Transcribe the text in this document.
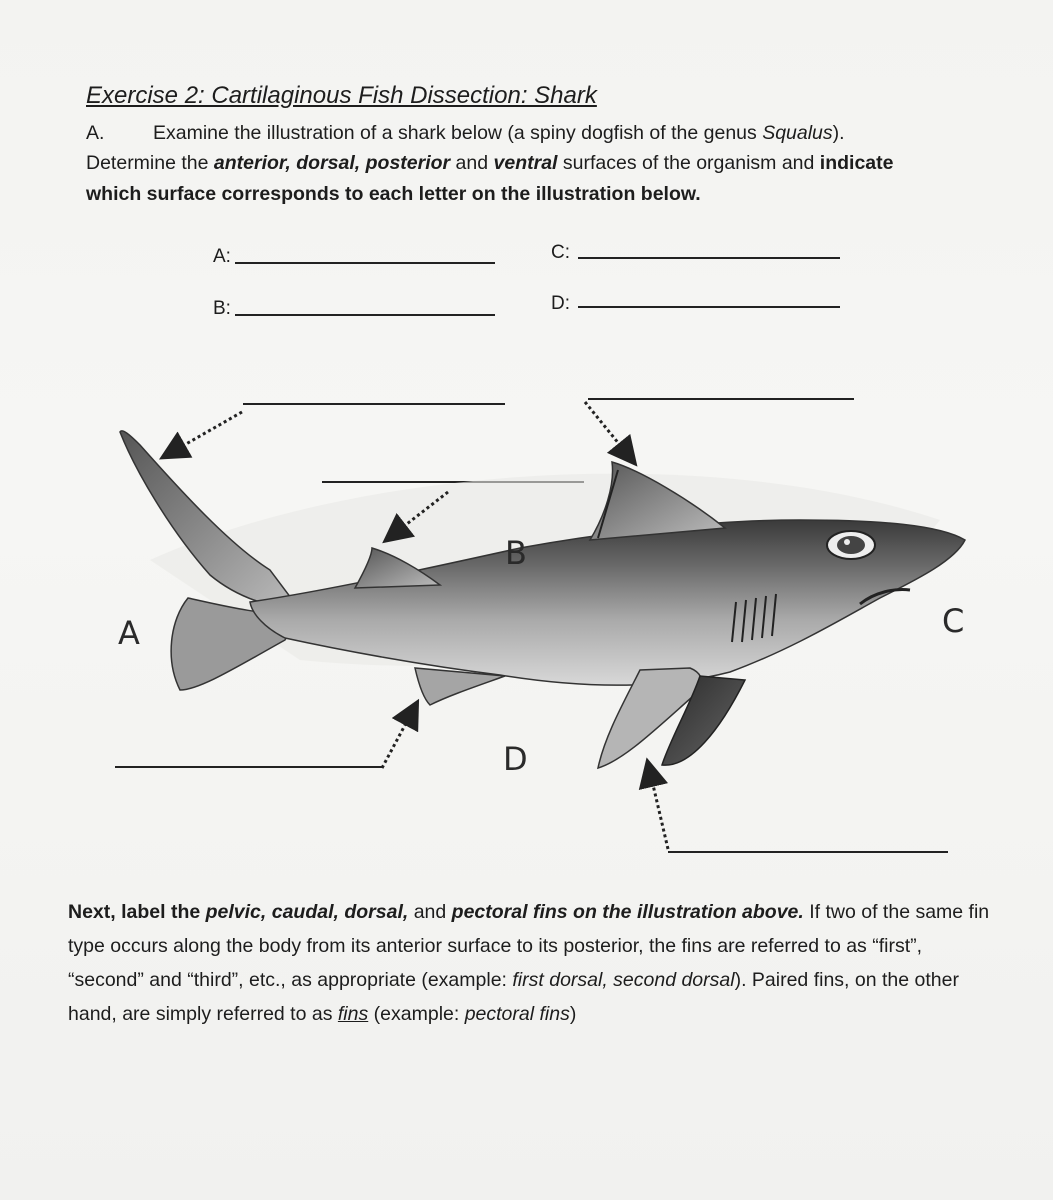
Exercise 2: Cartilaginous Fish Dissection: Shark
A. Examine the illustration of a shark below (a spiny dogfish of the genus Squalus).
Determine the anterior, dorsal, posterior and ventral surfaces of the organism and indicate
which surface corresponds to each letter on the illustration below.
A:	C:
B:	D:
A
B
C
D
Next, label the pelvic, caudal, dorsal, and pectoral fins on the illustration above. If two of the same fin type occurs along the body from its anterior surface to its posterior, the fins are referred to as “first”, “second” and “third”, etc., as appropriate (example: first dorsal, second dorsal). Paired fins, on the other hand, are simply referred to as fins (example: pectoral fins)
